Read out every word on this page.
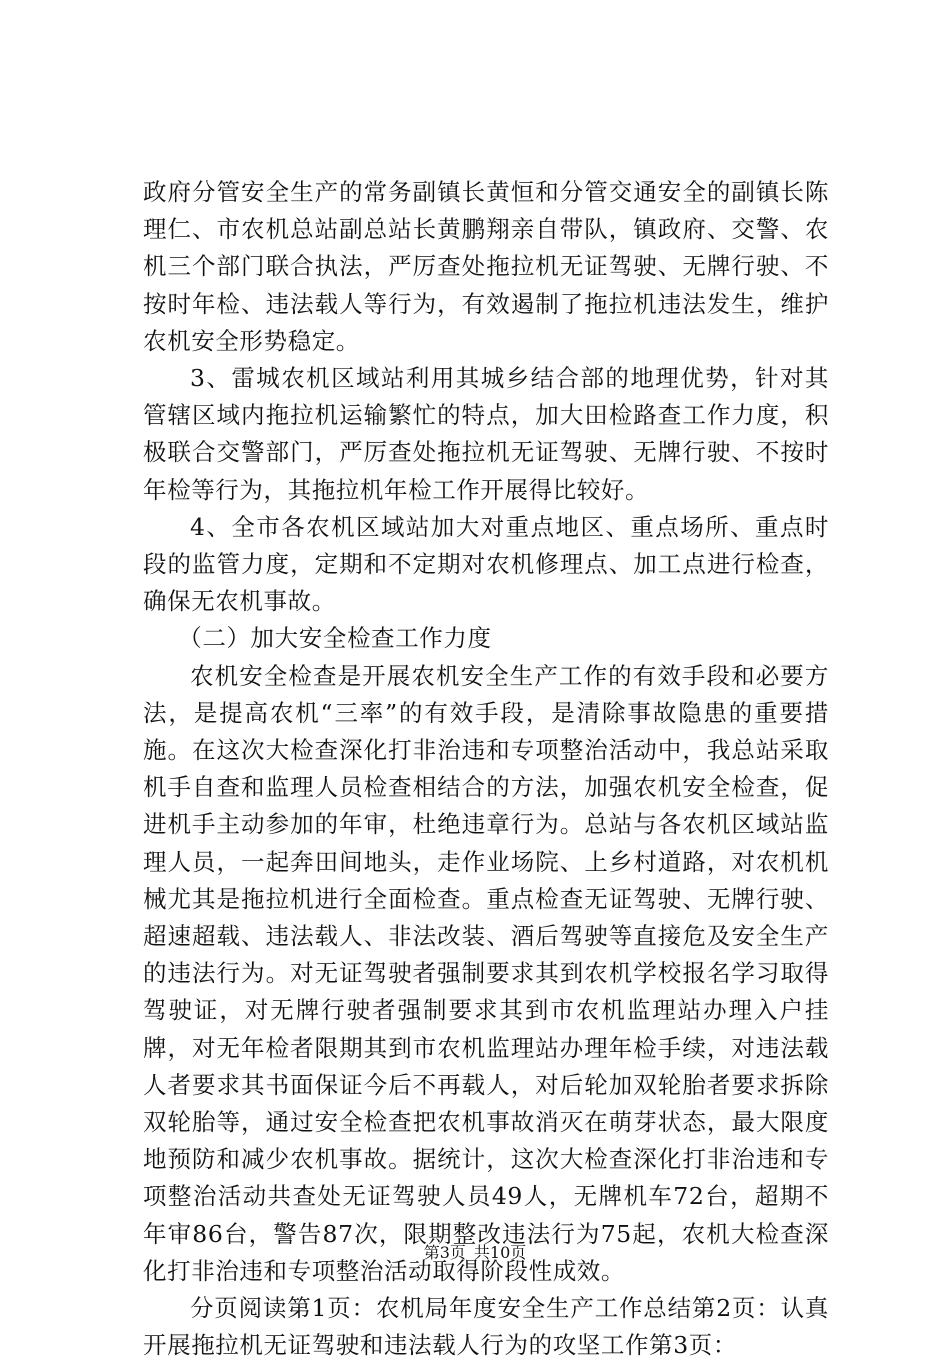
政府分管安全生产的常务副镇长黄恒和分管交通安全的副镇长陈理仁、市农机总站副总站长黄鹏翔亲自带队，镇政府、交警、农机三个部门联合执法，严厉查处拖拉机无证驾驶、无牌行驶、不按时年检、违法载人等行为，有效遏制了拖拉机违法发生，维护农机安全形势稳定。

3、雷城农机区域站利用其城乡结合部的地理优势，针对其管辖区域内拖拉机运输繁忙的特点，加大田检路查工作力度，积极联合交警部门，严厉查处拖拉机无证驾驶、无牌行驶、不按时年检等行为，其拖拉机年检工作开展得比较好。

4、全市各农机区域站加大对重点地区、重点场所、重点时段的监管力度，定期和不定期对农机修理点、加工点进行检查，确保无农机事故。

（二）加大安全检查工作力度

农机安全检查是开展农机安全生产工作的有效手段和必要方法，是提高农机“三率”的有效手段，是清除事故隐患的重要措施。在这次大检查深化打非治违和专项整治活动中，我总站采取机手自查和监理人员检查相结合的方法，加强农机安全检查，促进机手主动参加的年审，杜绝违章行为。总站与各农机区域站监理人员，一起奔田间地头，走作业场院、上乡村道路，对农机机械尤其是拖拉机进行全面检查。重点检查无证驾驶、无牌行驶、超速超载、违法载人、非法改装、酒后驾驶等直接危及安全生产的违法行为。对无证驾驶者强制要求其到农机学校报名学习取得驾驶证，对无牌行驶者强制要求其到市农机监理站办理入户挂牌，对无年检者限期其到市农机监理站办理年检手续，对违法载人者要求其书面保证今后不再载人，对后轮加双轮胎者要求拆除双轮胎等，通过安全检查把农机事故消灭在萌芽状态，最大限度地预防和减少农机事故。据统计，这次大检查深化打非治违和专项整治活动共查处无证驾驶人员49人，无牌机车72台，超期不年审86台，警告87次，限期整改违法行为75起，农机大检查深化打非治违和专项整治活动取得阶段性成效。

分页阅读第1页：农机局年度安全生产工作总结第2页：认真开展拖拉机无证驾驶和违法载人行为的攻坚工作第3页：

第3页 共10页
